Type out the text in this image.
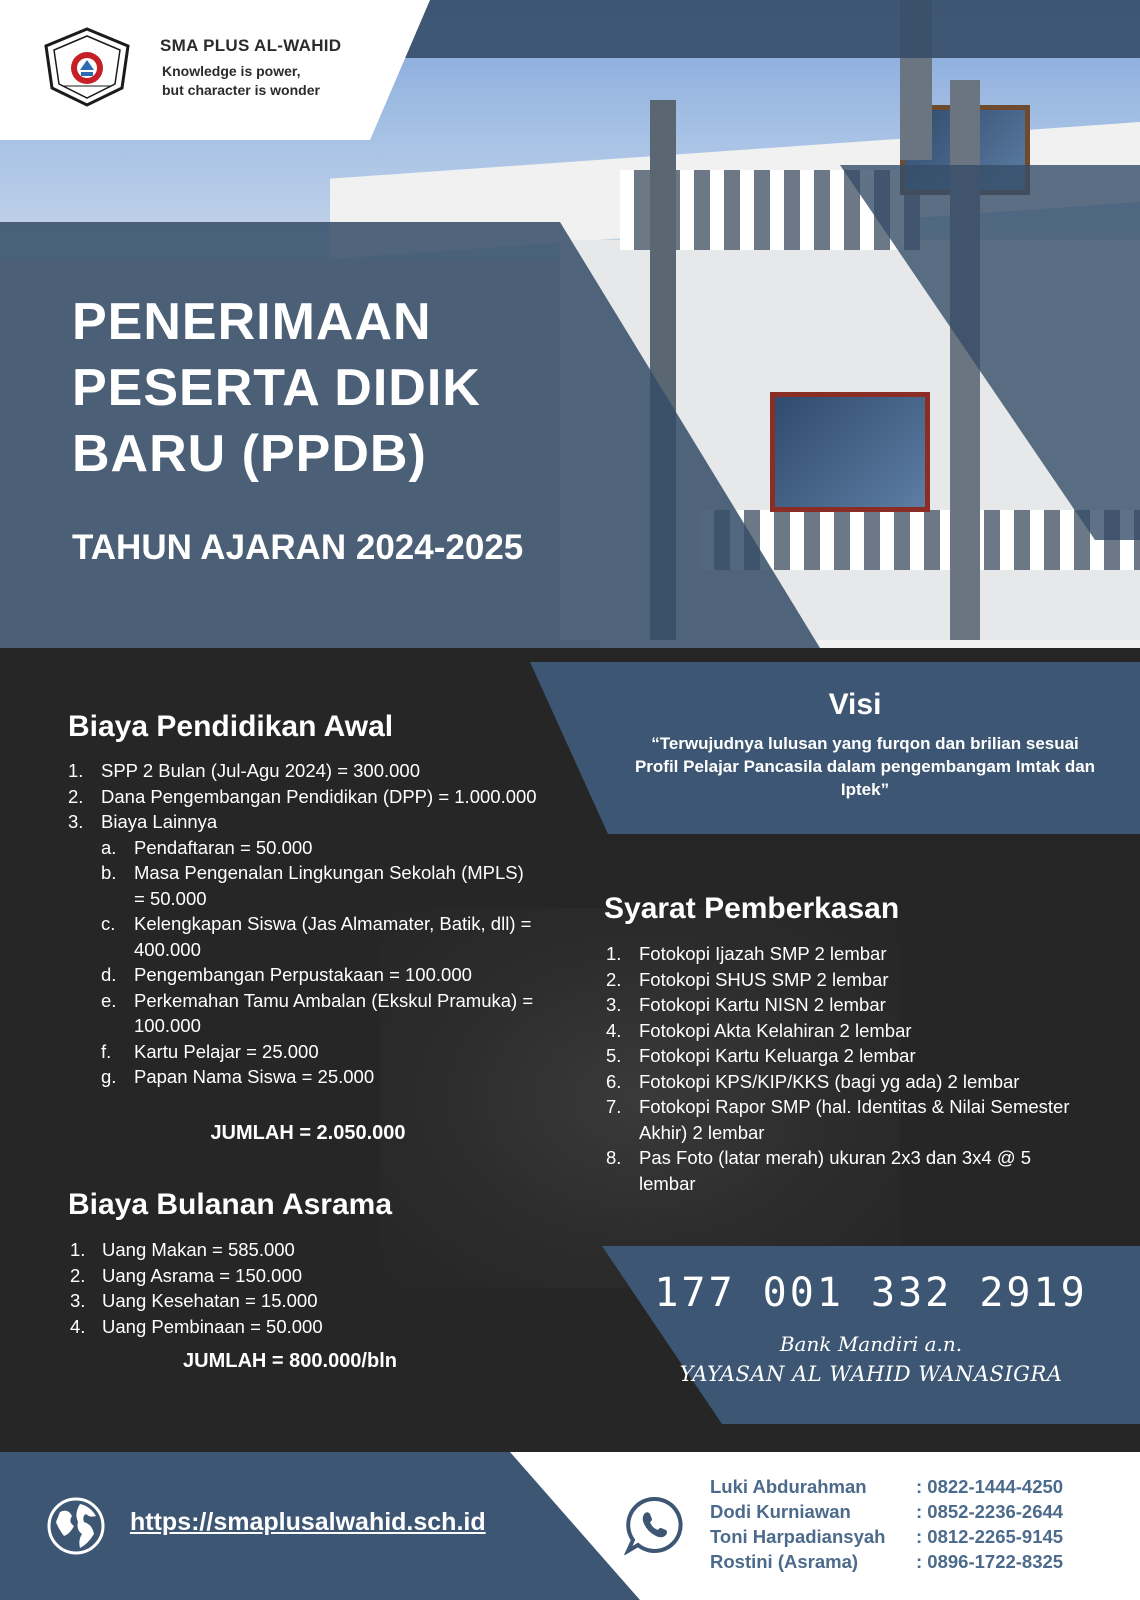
SMA PLUS AL-WAHID
Knowledge is power,
but character is wonder
PENERIMAAN
PESERTA DIDIK
BARU (PPDB)
TAHUN AJARAN 2024-2025
Visi
“Terwujudnya lulusan yang furqon dan brilian sesuai Profil Pelajar Pancasila dalam pengembangam Imtak dan Iptek”
Biaya Pendidikan Awal
1. SPP 2 Bulan (Jul-Agu 2024) = 300.000
2. Dana Pengembangan Pendidikan (DPP) = 1.000.000
3. Biaya Lainnya
a. Pendaftaran = 50.000
b. Masa Pengenalan Lingkungan Sekolah (MPLS) = 50.000
c.	Kelengkapan Siswa (Jas Almamater, Batik, dll) = 400.000
d. Pengembangan Perpustakaan = 100.000
e. Perkemahan Tamu Ambalan (Ekskul Pramuka) = 100.000
f.	Kartu Pelajar = 25.000
g. Papan Nama Siswa = 25.000
JUMLAH = 2.050.000
Biaya Bulanan Asrama
1. Uang Makan = 585.000
2. Uang Asrama = 150.000
3. Uang Kesehatan = 15.000
4. Uang Pembinaan = 50.000
JUMLAH = 800.000/bln
Syarat Pemberkasan
1. Fotokopi Ijazah SMP 2 lembar
2. Fotokopi SHUS SMP 2 lembar
3. Fotokopi Kartu NISN 2 lembar
4. Fotokopi Akta Kelahiran 2 lembar
5. Fotokopi Kartu Keluarga 2 lembar
6. Fotokopi KPS/KIP/KKS (bagi yg ada) 2 lembar
7. Fotokopi Rapor SMP (hal. Identitas & Nilai Semester Akhir) 2 lembar
8. Pas Foto (latar merah) ukuran 2x3 dan 3x4 @ 5 lembar
177 001 332 2919
Bank Mandiri a.n.
YAYASAN AL WAHID WANASIGRA
https://smaplusalwahid.sch.id
Luki Abdurahman	: 0822-1444-4250
Dodi Kurniawan	: 0852-2236-2644
Toni Harpadiansyah	: 0812-2265-9145
Rostini (Asrama)	: 0896-1722-8325
